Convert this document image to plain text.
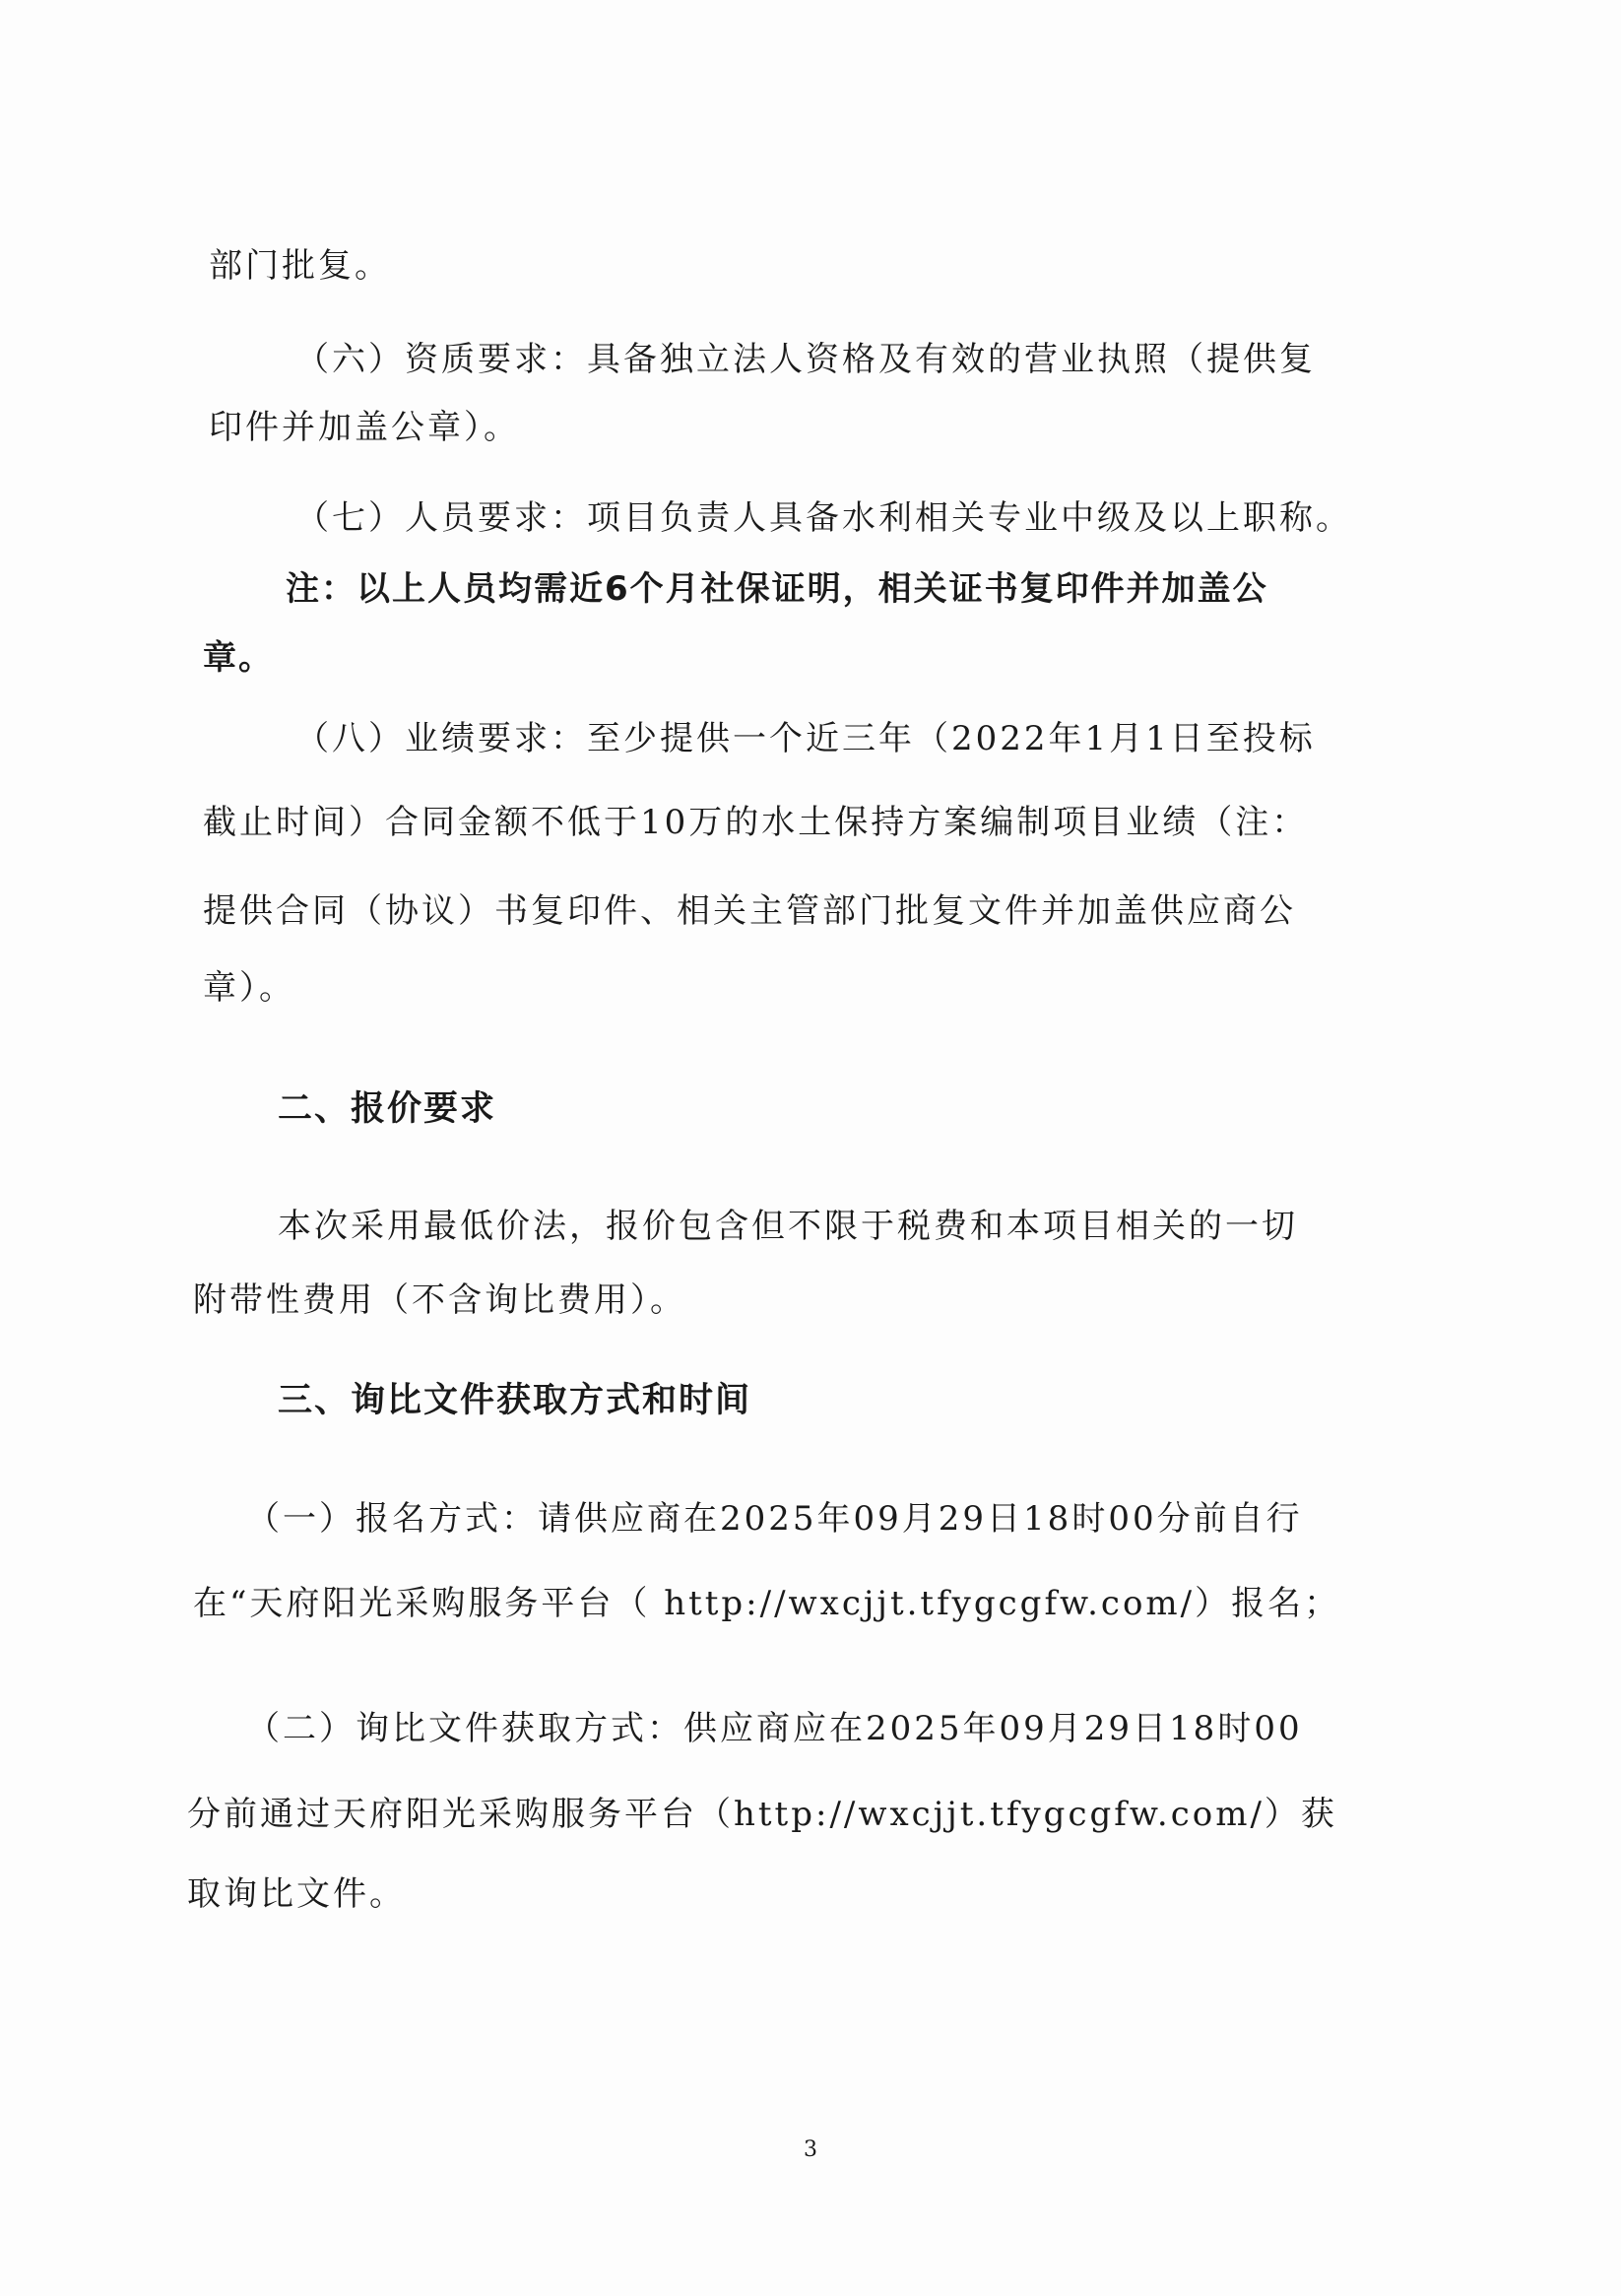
部门批复。
（六）资质要求：具备独立法人资格及有效的营业执照（提供复
印件并加盖公章）。
（七）人员要求：项目负责人具备水利相关专业中级及以上职称。
注：以上人员均需近6个月社保证明，相关证书复印件并加盖公
章。
（八）业绩要求：至少提供一个近三年（2022年1月1日至投标
截止时间）合同金额不低于10万的水土保持方案编制项目业绩（注：
提供合同（协议）书复印件、相关主管部门批复文件并加盖供应商公
章）。
二、报价要求
本次采用最低价法，报价包含但不限于税费和本项目相关的一切
附带性费用（不含询比费用）。
三、询比文件获取方式和时间
（一）报名方式：请供应商在2025年09月29日18时00分前自行
在“天府阳光采购服务平台（ http://wxcjjt.tfygcgfw.com/）报名；
（二）询比文件获取方式：供应商应在2025年09月29日18时00
分前通过天府阳光采购服务平台（http://wxcjjt.tfygcgfw.com/）获
取询比文件。
3
